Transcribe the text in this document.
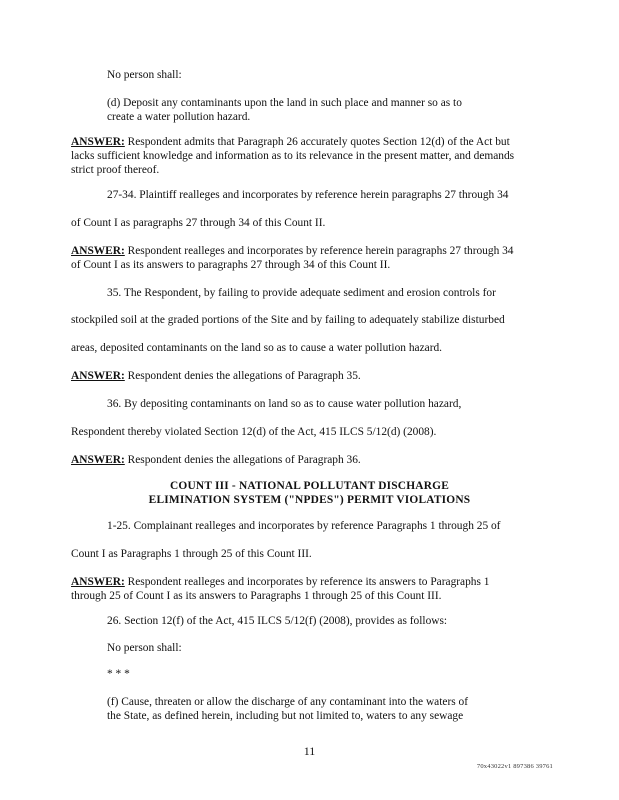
No person shall:
(d) Deposit any contaminants upon the land in such place and manner so as to
create a water pollution hazard.
ANSWER: Respondent admits that Paragraph 26 accurately quotes Section 12(d) of the Act but
lacks sufficient knowledge and information as to its relevance in the present matter, and demands
strict proof thereof.
27-34. Plaintiff realleges and incorporates by reference herein paragraphs 27 through 34
of Count I as paragraphs 27 through 34 of this Count II.
ANSWER: Respondent realleges and incorporates by reference herein paragraphs 27 through 34
of Count I as its answers to paragraphs 27 through 34 of this Count II.
35. The Respondent, by failing to provide adequate sediment and erosion controls for
stockpiled soil at the graded portions of the Site and by failing to adequately stabilize disturbed
areas, deposited contaminants on the land so as to cause a water pollution hazard.
ANSWER: Respondent denies the allegations of Paragraph 35.
36. By depositing contaminants on land so as to cause water pollution hazard,
Respondent thereby violated Section 12(d) of the Act, 415 ILCS 5/12(d) (2008).
ANSWER: Respondent denies the allegations of Paragraph 36.
COUNT III - NATIONAL POLLUTANT DISCHARGE
ELIMINATION SYSTEM ("NPDES") PERMIT VIOLATIONS
1-25. Complainant realleges and incorporates by reference Paragraphs 1 through 25 of
Count I as Paragraphs 1 through 25 of this Count III.
ANSWER: Respondent realleges and incorporates by reference its answers to Paragraphs 1
through 25 of Count I as its answers to Paragraphs 1 through 25 of this Count III.
26. Section 12(f) of the Act, 415 ILCS 5/12(f) (2008), provides as follows:
No person shall:
* * *
(f) Cause, threaten or allow the discharge of any contaminant into the waters of
the State, as defined herein, including but not limited to, waters to any sewage
11
70x43022v1 897386 39761
